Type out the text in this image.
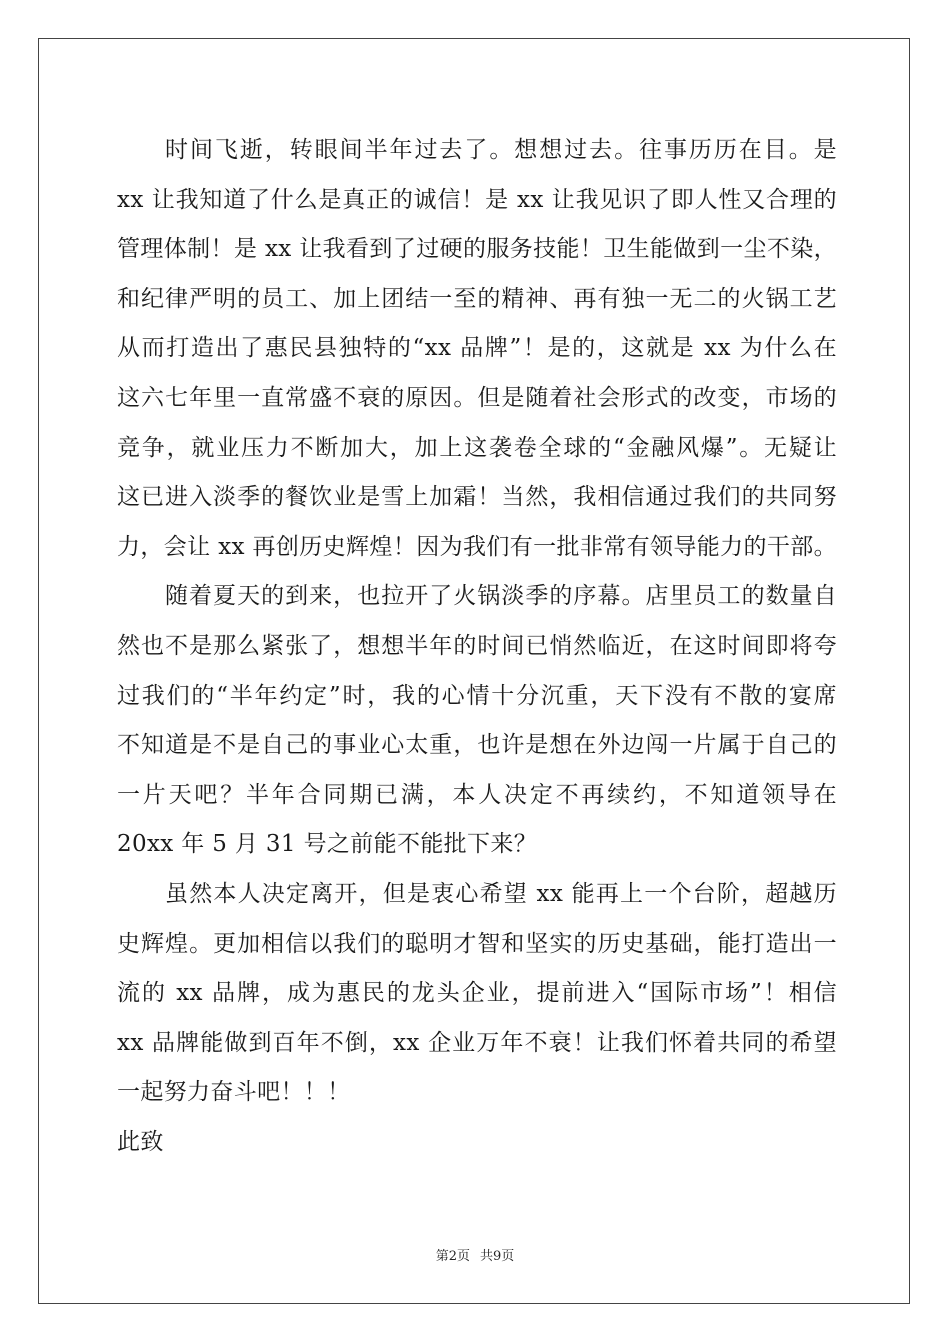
时间飞逝，转眼间半年过去了。想想过去。往事历历在目。是
xx 让我知道了什么是真正的诚信！是 xx 让我见识了即人性又合理的
管理体制！是 xx 让我看到了过硬的服务技能！卫生能做到一尘不染，
和纪律严明的员工、加上团结一至的精神、再有独一无二的火锅工艺
从而打造出了惠民县独特的“xx 品牌”！是的，这就是 xx 为什么在
这六七年里一直常盛不衰的原因。但是随着社会形式的改变，市场的
竞争，就业压力不断加大，加上这袭卷全球的“金融风爆”。无疑让
这已进入淡季的餐饮业是雪上加霜！当然，我相信通过我们的共同努
力，会让 xx 再创历史辉煌！因为我们有一批非常有领导能力的干部。
随着夏天的到来，也拉开了火锅淡季的序幕。店里员工的数量自
然也不是那么紧张了，想想半年的时间已悄然临近，在这时间即将夸
过我们的“半年约定”时，我的心情十分沉重，天下没有不散的宴席
不知道是不是自己的事业心太重，也许是想在外边闯一片属于自己的
一片天吧？半年合同期已满，本人决定不再续约，不知道领导在
20xx 年 5 月 31 号之前能不能批下来？
虽然本人决定离开，但是衷心希望 xx 能再上一个台阶，超越历
史辉煌。更加相信以我们的聪明才智和坚实的历史基础，能打造出一
流的 xx 品牌，成为惠民的龙头企业，提前进入“国际市场”！相信
xx 品牌能做到百年不倒，xx 企业万年不衰！让我们怀着共同的希望
一起努力奋斗吧！！！
此致
第2页 共9页
